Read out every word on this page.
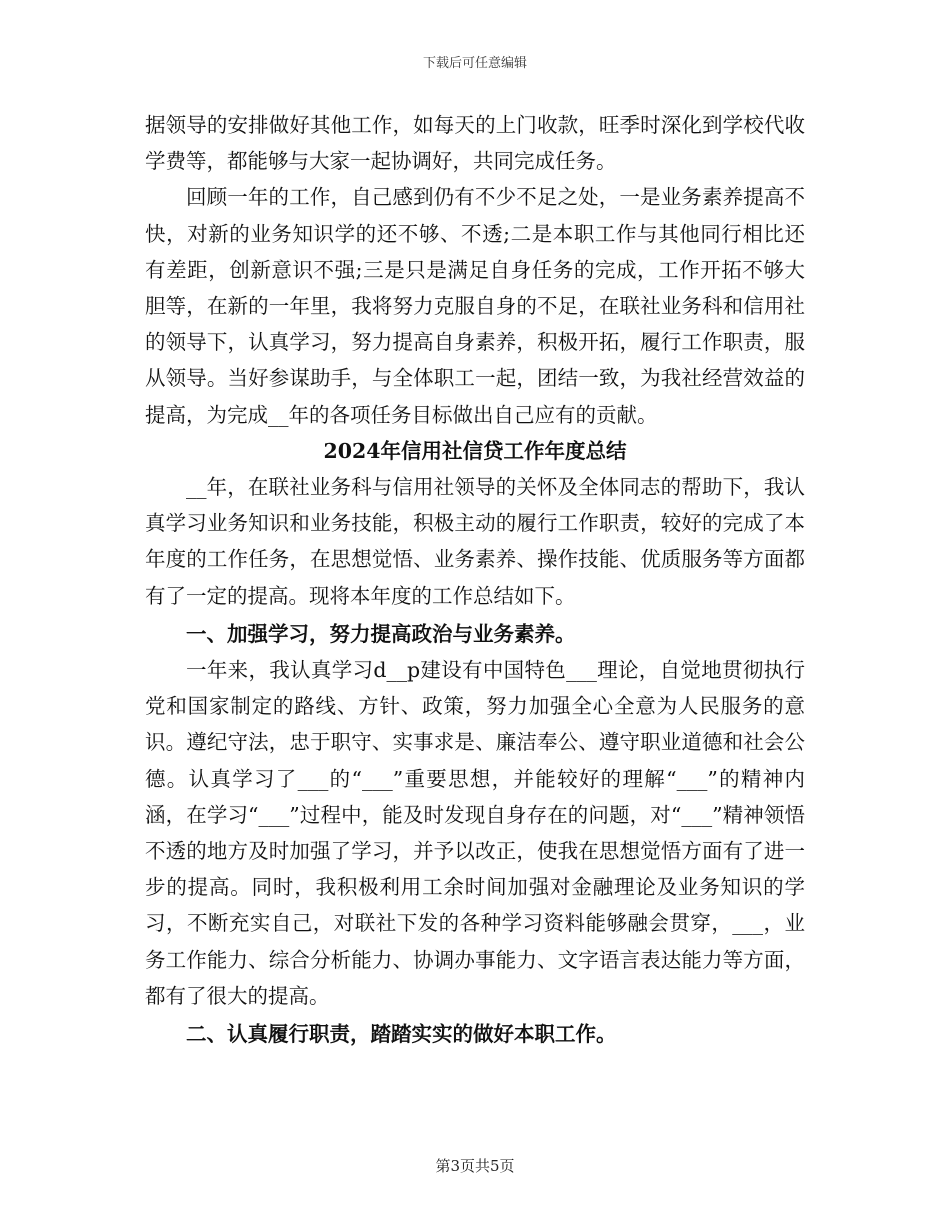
下载后可任意编辑

据领导的安排做好其他工作，如每天的上门收款，旺季时深化到学校代收学费等，都能够与大家一起协调好，共同完成任务。

回顾一年的工作，自己感到仍有不少不足之处，一是业务素养提高不快，对新的业务知识学的还不够、不透;二是本职工作与其他同行相比还有差距，创新意识不强;三是只是满足自身任务的完成，工作开拓不够大胆等，在新的一年里，我将努力克服自身的不足，在联社业务科和信用社的领导下，认真学习，努力提高自身素养，积极开拓，履行工作职责，服从领导。当好参谋助手，与全体职工一起，团结一致，为我社经营效益的提高，为完成__年的各项任务目标做出自己应有的贡献。

2024年信用社信贷工作年度总结

__年，在联社业务科与信用社领导的关怀及全体同志的帮助下，我认真学习业务知识和业务技能，积极主动的履行工作职责，较好的完成了本年度的工作任务，在思想觉悟、业务素养、操作技能、优质服务等方面都有了一定的提高。现将本年度的工作总结如下。

一、加强学习，努力提高政治与业务素养。

一年来，我认真学习d__p建设有中国特色___理论，自觉地贯彻执行党和国家制定的路线、方针、政策，努力加强全心全意为人民服务的意识。遵纪守法，忠于职守、实事求是、廉洁奉公、遵守职业道德和社会公德。认真学习了___的“___”重要思想，并能较好的理解“___”的精神内涵，在学习“___”过程中，能及时发现自身存在的问题，对“___”精神领悟不透的地方及时加强了学习，并予以改正，使我在思想觉悟方面有了进一步的提高。同时，我积极利用工余时间加强对金融理论及业务知识的学习，不断充实自己，对联社下发的各种学习资料能够融会贯穿，___，业务工作能力、综合分析能力、协调办事能力、文字语言表达能力等方面，都有了很大的提高。

二、认真履行职责，踏踏实实的做好本职工作。

第3页共5页
